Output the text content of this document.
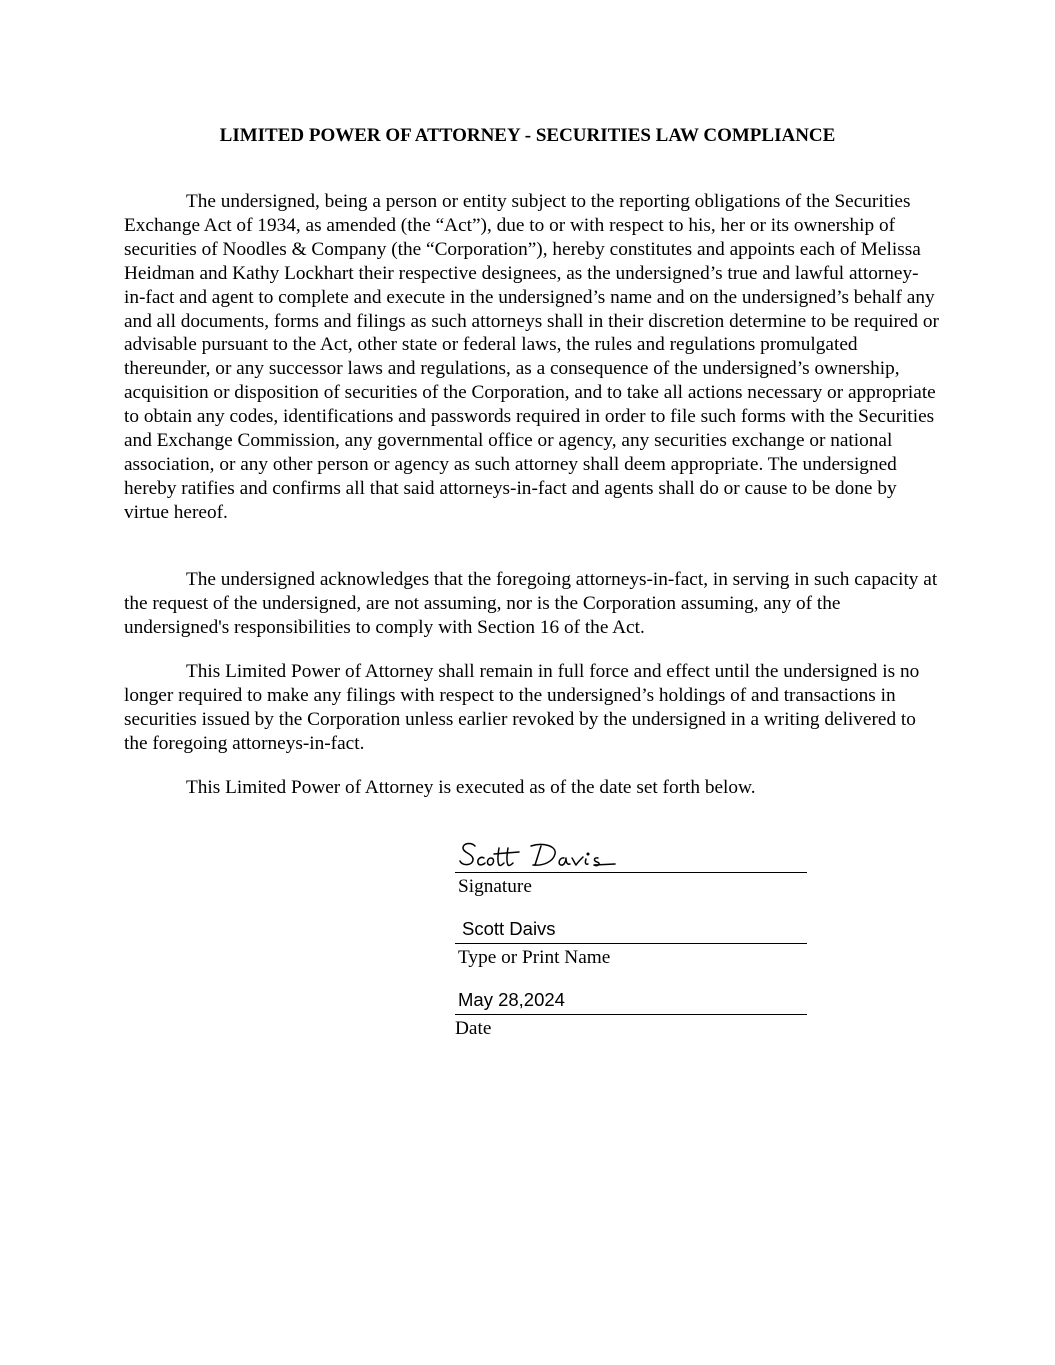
LIMITED POWER OF ATTORNEY - SECURITIES LAW COMPLIANCE

The undersigned, being a person or entity subject to the reporting obligations of the Securities Exchange Act of 1934, as amended (the “Act”), due to or with respect to his, her or its ownership of securities of Noodles & Company (the “Corporation”), hereby constitutes and appoints each of Melissa Heidman and Kathy Lockhart their respective designees, as the undersigned’s true and lawful attorney-in-fact and agent to complete and execute in the undersigned’s name and on the undersigned’s behalf any and all documents, forms and filings as such attorneys shall in their discretion determine to be required or advisable pursuant to the Act, other state or federal laws, the rules and regulations promulgated thereunder, or any successor laws and regulations, as a consequence of the undersigned’s ownership, acquisition or disposition of securities of the Corporation, and to take all actions necessary or appropriate to obtain any codes, identifications and passwords required in order to file such forms with the Securities and Exchange Commission, any governmental office or agency, any securities exchange or national association, or any other person or agency as such attorney shall deem appropriate. The undersigned hereby ratifies and confirms all that said attorneys-in-fact and agents shall do or cause to be done by virtue hereof.

The undersigned acknowledges that the foregoing attorneys-in-fact, in serving in such capacity at the request of the undersigned, are not assuming, nor is the Corporation assuming, any of the undersigned's responsibilities to comply with Section 16 of the Act.

This Limited Power of Attorney shall remain in full force and effect until the undersigned is no longer required to make any filings with respect to the undersigned’s holdings of and transactions in securities issued by the Corporation unless earlier revoked by the undersigned in a writing delivered to the foregoing attorneys-in-fact.

This Limited Power of Attorney is executed as of the date set forth below.

Signature
Scott Daivs
Type or Print Name
May 28,2024
Date
